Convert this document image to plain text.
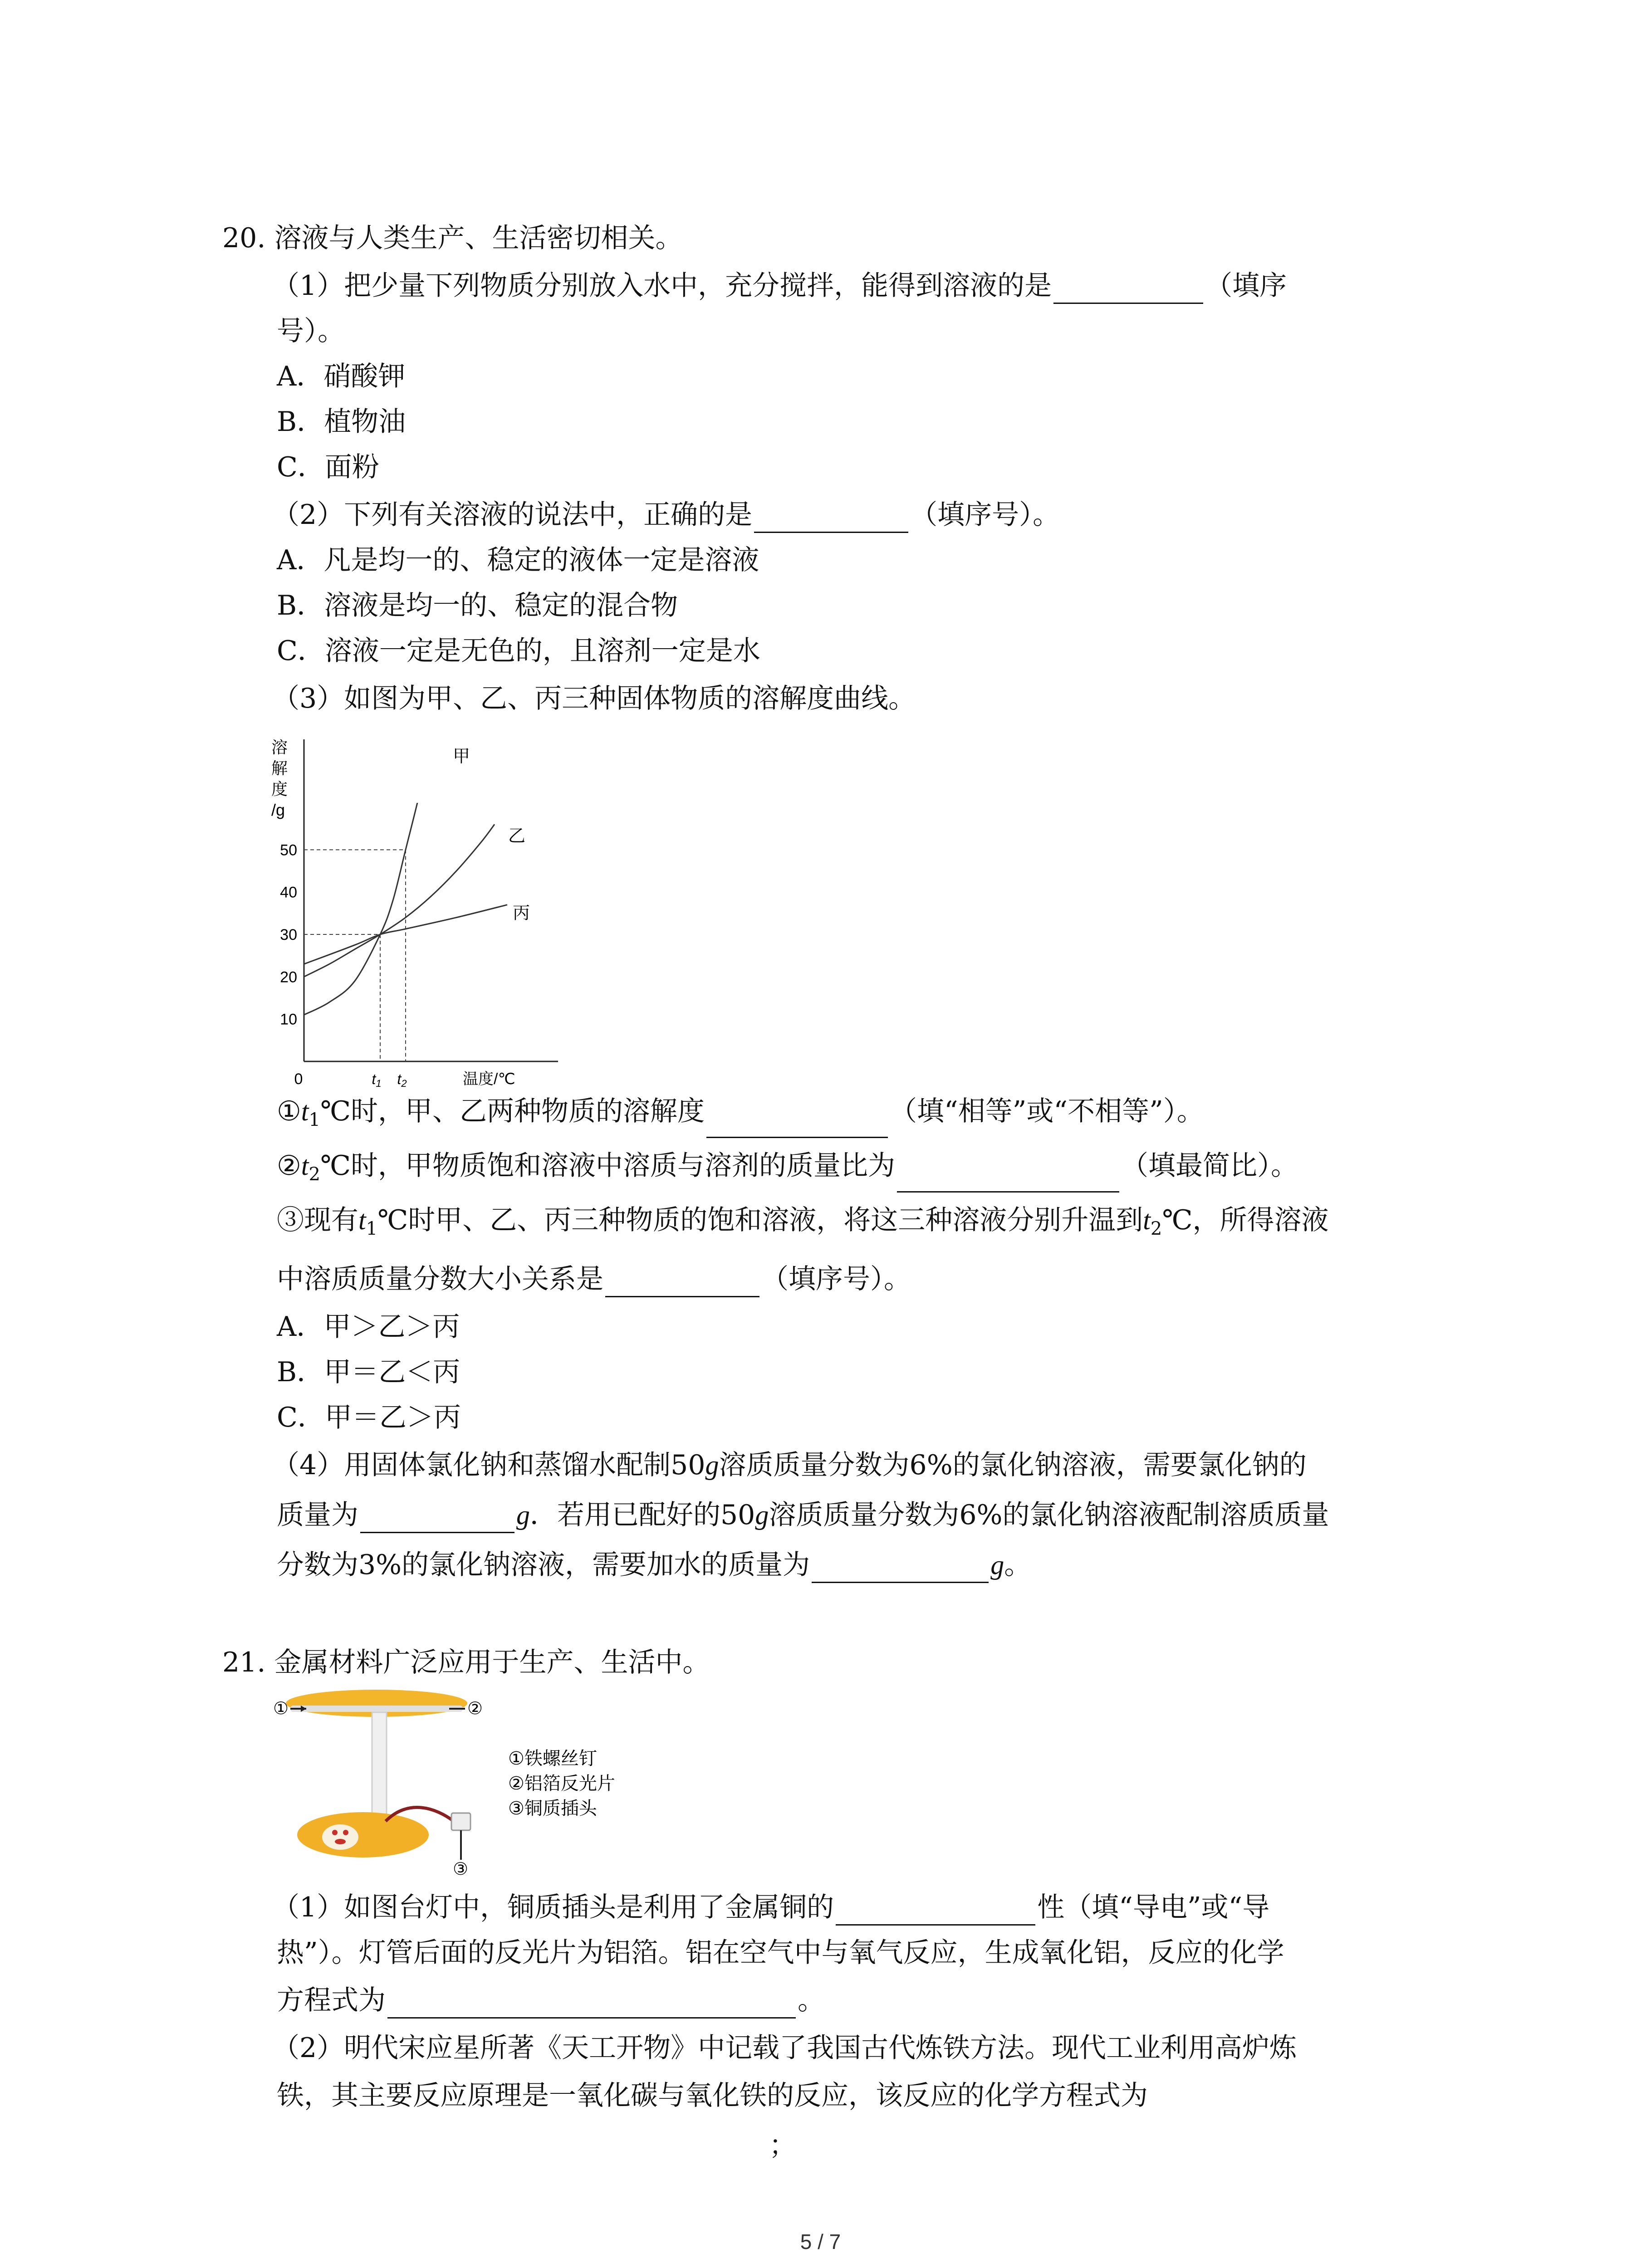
20. 溶液与人类生产、生活密切相关。
（1）把少量下列物质分别放入水中，充分搅拌，能得到溶液的是	（填序
号）。
A．硝酸钾
B．植物油
C．面粉
（2）下列有关溶液的说法中，正确的是	（填序号）。
A．凡是均一的、稳定的液体一定是溶液
B．溶液是均一的、稳定的混合物
C．溶液一定是无色的，且溶剂一定是水
（3）如图为甲、乙、丙三种固体物质的溶解度曲线。
溶
解
度
/g
0
10
20
30
40
50
t1 t2	温度/℃
甲
乙
丙
$①t_1℃$时，甲、乙两种物质的溶解度	（填“相等”或“不相等”）。
$②t_2℃$时，甲物质饱和溶液中溶质与溶剂的质量比为	（填最简比）。
③现有$t_1℃$时甲、乙、丙三种物质的饱和溶液，将这三种溶液分别升温到$t_2℃$，所得溶液
中溶质质量分数大小关系是	（填序号）。
A．甲＞乙＞丙
B．甲＝乙＜丙
C．甲＝乙＞丙
（4）用固体氯化钠和蒸馏水配制50g溶质质量分数为6%的氯化钠溶液，需要氯化钠的
质量为	g．若用已配好的50g溶质质量分数为6%的氯化钠溶液配制溶质质量
分数为3%的氯化钠溶液，需要加水的质量为	g。
21. 金属材料广泛应用于生产、生活中。
①	②
③
①铁螺丝钉
②铝箔反光片
③铜质插头
（1）如图台灯中，铜质插头是利用了金属铜的	性（填“导电”或“导
热”）。灯管后面的反光片为铝箔。铝在空气中与氧气反应，生成氧化铝，反应的化学
方程式为	。
（2）明代宋应星所著《天工开物》中记载了我国古代炼铁方法。现代工业利用高炉炼
铁，其主要反应原理是一氧化碳与氧化铁的反应，该反应的化学方程式为
；
5 / 7
